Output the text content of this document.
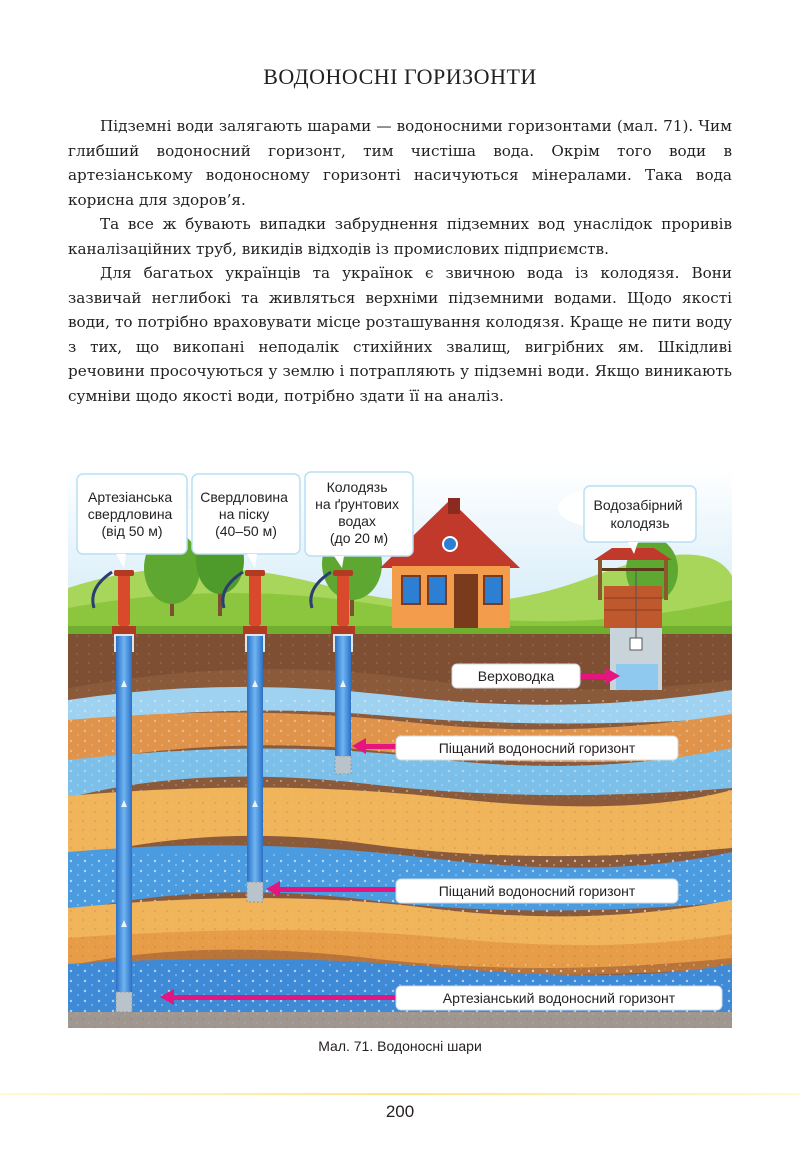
ВОДОНОСНІ ГОРИЗОНТИ

Підземні води залягають шарами — водоносними горизонтами (мал. 71). Чим глибший водоносний горизонт, тим чистіша вода. Окрім того води в артезіанському водоносному горизонті насичуються мінералами. Така вода корисна для здоров’я.

Та все ж бувають випадки забруднення підземних вод унаслідок проривів каналізаційних труб, викидів відходів із промислових підприємств.

Для багатьох українців та українок є звичною вода із колодязя. Вони зазвичай неглибокі та живляться верхніми підземними водами. Щодо якості води, то потрібно враховувати місце розташування колодязя. Краще не пити воду з тих, що викопані неподалік стихійних звалищ, вигрібних ям. Шкідливі речовини просочуються у землю і потрапляють у підземні води. Якщо виникають сумніви щодо якості води, потрібно здати її на аналіз.

Артезіанська свердловина (від 50 м)
Свердловина на піску (40–50 м)
Колодязь на ґрунтових водах (до 20 м)
Водозабірний колодязь
Верховодка
Піщаний водоносний горизонт
Піщаний водоносний горизонт
Артезіанський водоносний горизонт
Мал. 71. Водоносні шари
200
